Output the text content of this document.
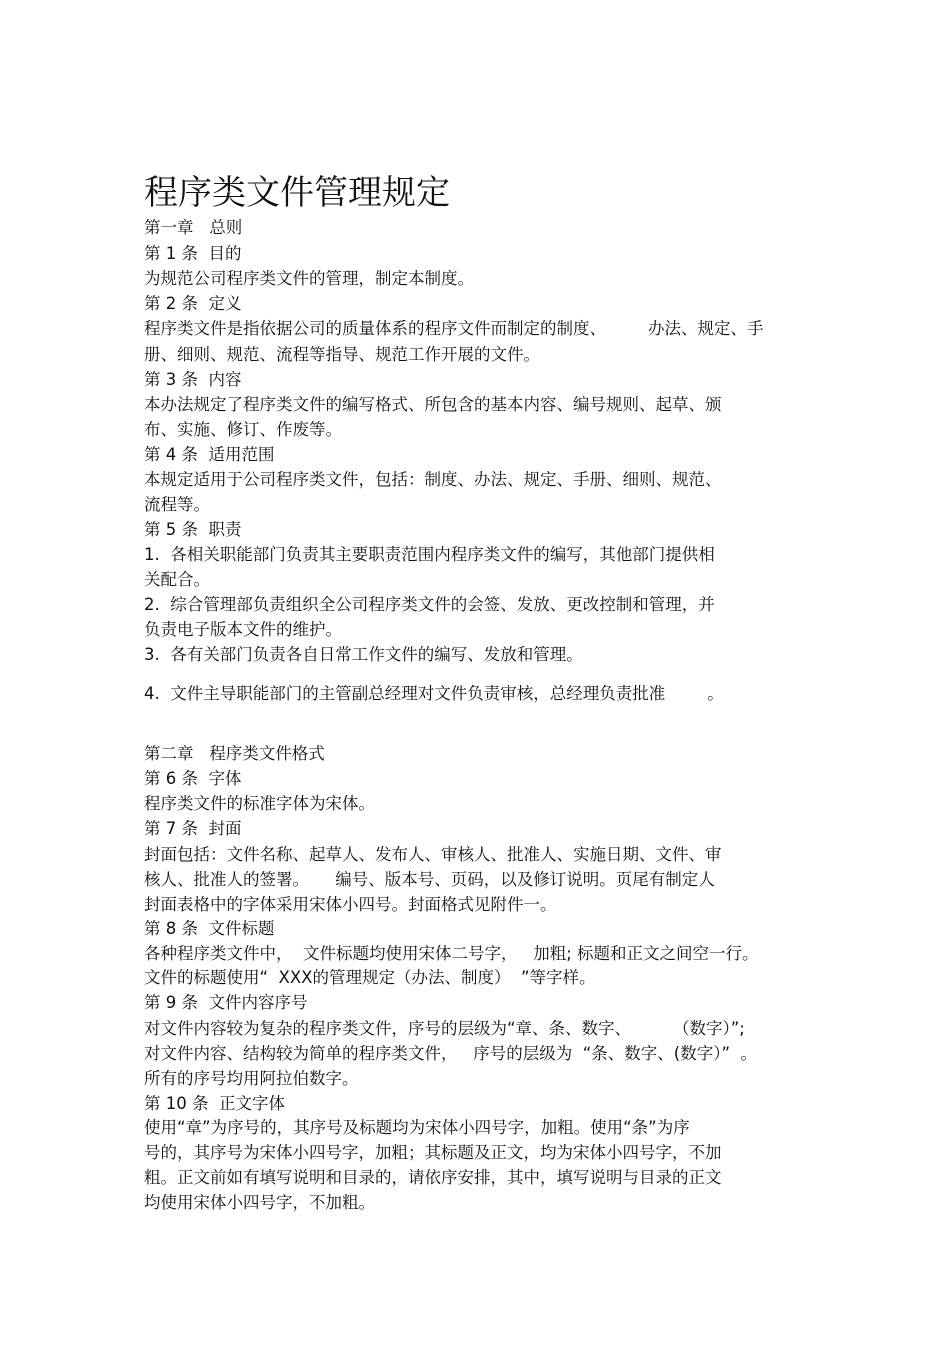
程序类文件管理规定
第一章   总则
第 1 条  目的
为规范公司程序类文件的管理，制定本制度。
第 2 条  定义
程序类文件是指依据公司的质量体系的程序文件而制定的制度、        办法、规定、手
册、细则、规范、流程等指导、规范工作开展的文件。
第 3 条  内容
本办法规定了程序类文件的编写格式、所包含的基本内容、编号规则、起草、颁
布、实施、修订、作废等。
第 4 条  适用范围
本规定适用于公司程序类文件，包括：制度、办法、规定、手册、细则、规范、
流程等。
第 5 条  职责
1.  各相关职能部门负责其主要职责范围内程序类文件的编写，其他部门提供相
关配合。
2.  综合管理部负责组织全公司程序类文件的会签、发放、更改控制和管理，并
负责电子版本文件的维护。
3.  各有关部门负责各自日常工作文件的编写、发放和管理。
4.  文件主导职能部门的主管副总经理对文件负责审核，总经理负责批准        。
第二章   程序类文件格式
第 6 条  字体
程序类文件的标准字体为宋体。
第 7 条  封面
封面包括：文件名称、起草人、发布人、审核人、批准人、实施日期、文件、审
核人、批准人的签署。     编号、版本号、页码，以及修订说明。页尾有制定人
封面表格中的字体采用宋体小四号。封面格式见附件一。
第 8 条  文件标题
各种程序类文件中，  文件标题均使用宋体二号字，   加粗; 标题和正文之间空一行。
文件的标题使用“  XXX的管理规定（办法、制度）  ”等字样。
第 9 条  文件内容序号
对文件内容较为复杂的程序类文件，序号的层级为“章、条、数字、        （数字）”;
对文件内容、结构较为简单的程序类文件，   序号的层级为  “条、数字、(数字）”  。
所有的序号均用阿拉伯数字。
第 10 条  正文字体
使用“章”为序号的，其序号及标题均为宋体小四号字，加粗。使用“条”为序
号的，其序号为宋体小四号字，加粗；其标题及正文，均为宋体小四号字，不加
粗。正文前如有填写说明和目录的，请依序安排，其中，填写说明与目录的正文
均使用宋体小四号字，不加粗。
